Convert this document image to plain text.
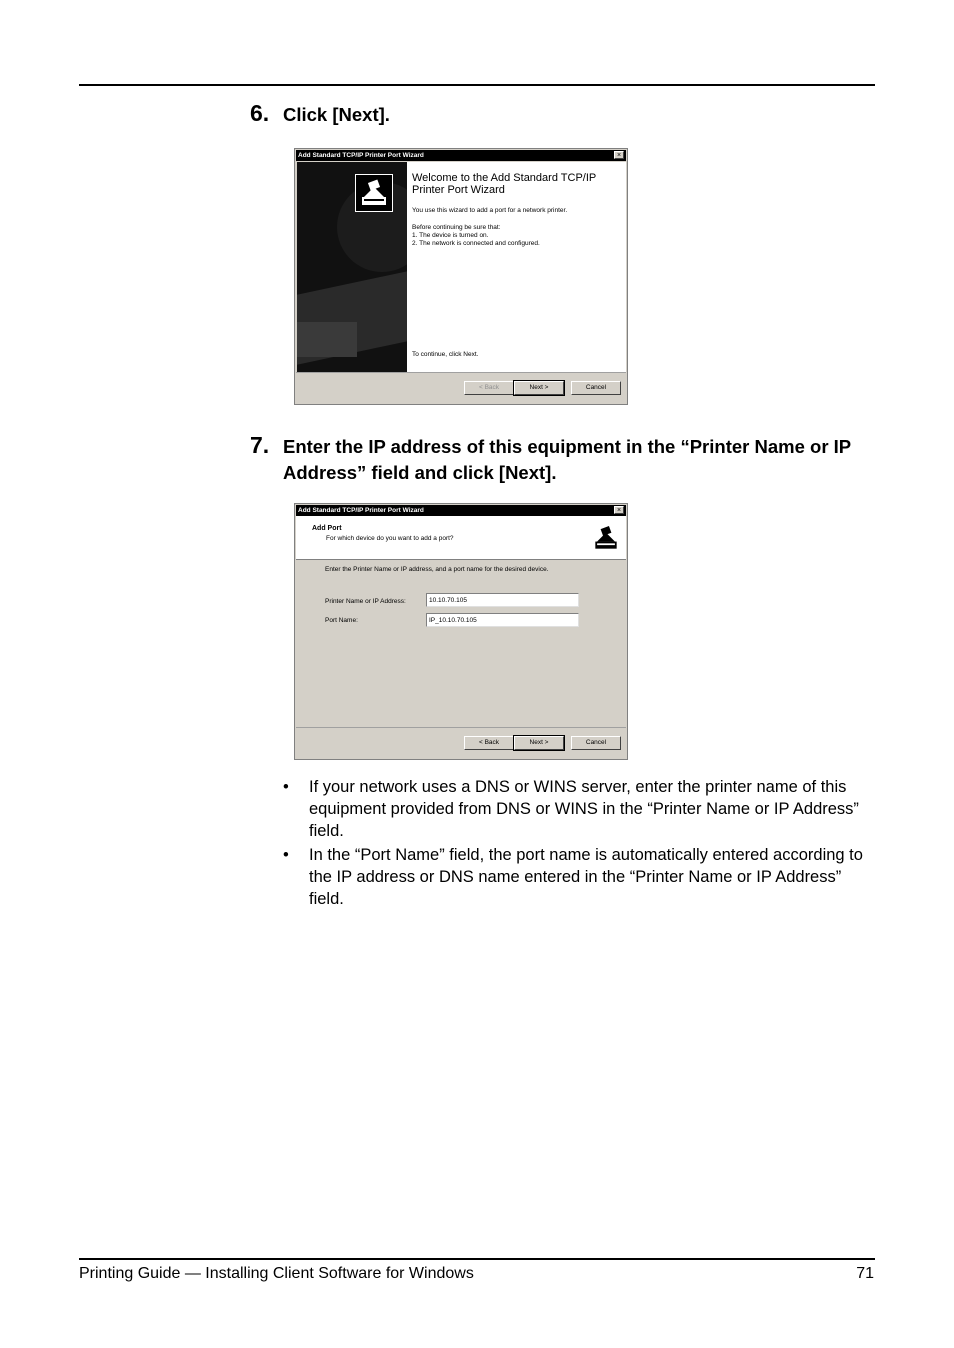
6. Click [Next].
Add Standard TCP/IP Printer Port Wizard	×
Welcome to the Add Standard TCP/IP Printer Port Wizard
You use this wizard to add a port for a network printer.
Before continuing be sure that:
1. The device is turned on.
2. The network is connected and configured.
To continue, click Next.
< Back	Next >	Cancel
7. Enter the IP address of this equipment in the “Printer Name or IP Address” field and click [Next].
Add Standard TCP/IP Printer Port Wizard	×
Add Port
For which device do you want to add a port?
Enter the Printer Name or IP address, and a port name for the desired device.
Printer Name or IP Address:
10.10.70.105
Port Name:
IP_10.10.70.105
< Back	Next >	Cancel
• If your network uses a DNS or WINS server, enter the printer name of this equipment provided from DNS or WINS in the “Printer Name or IP Address” field.
• In the “Port Name” field, the port name is automatically entered according to the IP address or DNS name entered in the “Printer Name or IP Address” field.
Printing Guide — Installing Client Software for Windows	71
